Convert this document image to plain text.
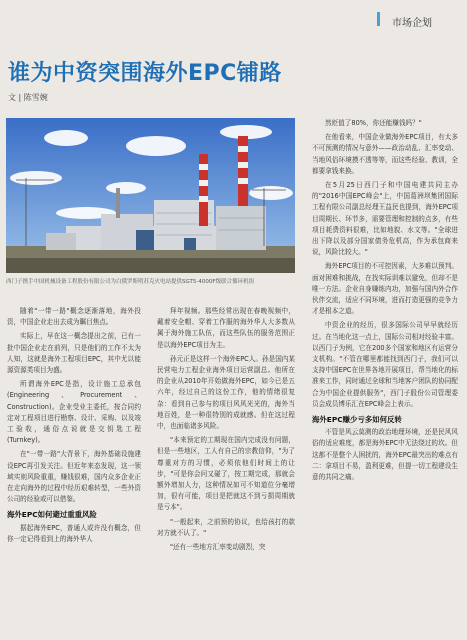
市场企划
谁为中资突围海外EPC铺路
文 | 陈雪婉
西门子携手中国机械设备工程股份有限公司为白俄罗斯明苏克火电站提供SGT5-4000F级联合循环机组

随着"一带一路"概念逐渐落地，海外投资，中国企业走出去成为瞩目焦点。

实际上，早在这一概念提出之前，已有一批中国企业走在前列，只是他们的工作不太为人知，这就是海外工程项目EPC，其中尤以能源资源类项目为盛。

所谓海外EPC是指，设计施工总承包(Engineering、Procurement、Construction)。企业受业主委托，按合同约定对工程项目进行勘察、设计、采购、以及竣工验收，通俗点说就是交钥匙工程(Turnkey)。

在"一带一路"大背景下，海外基础设施建设EPC再引发关注。但近年来态发现，这一领域实则风险重重，赚钱很难，国内众多企业正在走向海外的过程中经历艰难转型，一些外资公司的经验或可以借鉴。

海外EPC如何避过重重风险

据起海外EPC，普通人或许没有概念，但你一定记得看到上的海外华人

拜年视频。那些经常出现在春晚视频中，戴着安全帽、穿着工作服的海外华人大多数从属于海外施工队伍，而这些队伍的服务范围正是以海外EPC项目为主。

孙元正是这样一个海外EPC人。孙是国内某民营电力工程企业海外项目运营副总。他所在的企业从2010年开始做海外EPC，如今已是五六年，经过自己的这份工作，他的情绪很复杂：看到自己参与的项目风风光光的，海外当地百姓，是一种很特别的成就感。但在这过程中，也面临诸多风险。

"本来预定的工期现在国内完成没有问题，但是一些地区，工人有自己的宗教信仰，"为了尊重对方的习惯，必须依他们时间上的让步，"可是你会问又碰了，按工期完成，那就会额外增加人力，这种情况如可不知道位分毫增加，很有可能，项目是把就这不到亏损周期就是亏本"。

"一般起来，之前预的协议，也给孩打的款对方就不认了。"

"还有一些地方汇率变动剧烈，突

然贬值了80%，你还能赚钱吗？"

在他看来，中国企业做海外EPC项目，有太多不可预测的情况与意外——政治动乱、汇率变动、当地风俗环境摸不透等等，而这些经验、教训，全都要拿钱来换。

在5月25日西门子和中国电建共同主办的"2016中国EPC峰会"上，中国葛洲坝集团国际工程有限公司副总经理王益民也提到，海外EPC项目周期长、环节多，需要管理和控制的点多，有些项目耗费资料很难，比如地貌、水文等。"全球进出下降以及部分国家债务危机高，作为承包商来说，风险比较大。"

海外EPC项目的不可控因素，大多难以预判。面对困难和挑战，在找实际训难以避免，但却不是唯一方法。企业自身嫌练内功，加强与国内外合作伙伴交流，适应不同环境，进而打造更强的竞争力才是根本之道。

中资企业的经历，很多国际公司早早就经历过。在当地化这一点上，国际公司相对经验丰富。以西门子为例，它在200多个国家和地区有运营分支机构。"不管在哪里都能找到西门子，我们可以支持中国EPC在世界各地开展项目，帮当地化的标准来工作，同时通过全球和当地客户团队的协同配合为中国企业提供服务"，西门子股份公司管理委员会成员博乐汇在EPC峰会上表示。

海外EPC赚少亏多如何反转

不管是风云莫测的政治地理环境，还是民风风俗的适应难度，都是海外EPC中无法绕过的坎。但这都不是整个人困扰的，海外EPC最突出的难点有二：拿项目不易，盈利更难，但提一切工程建设生意的共同之痛。
